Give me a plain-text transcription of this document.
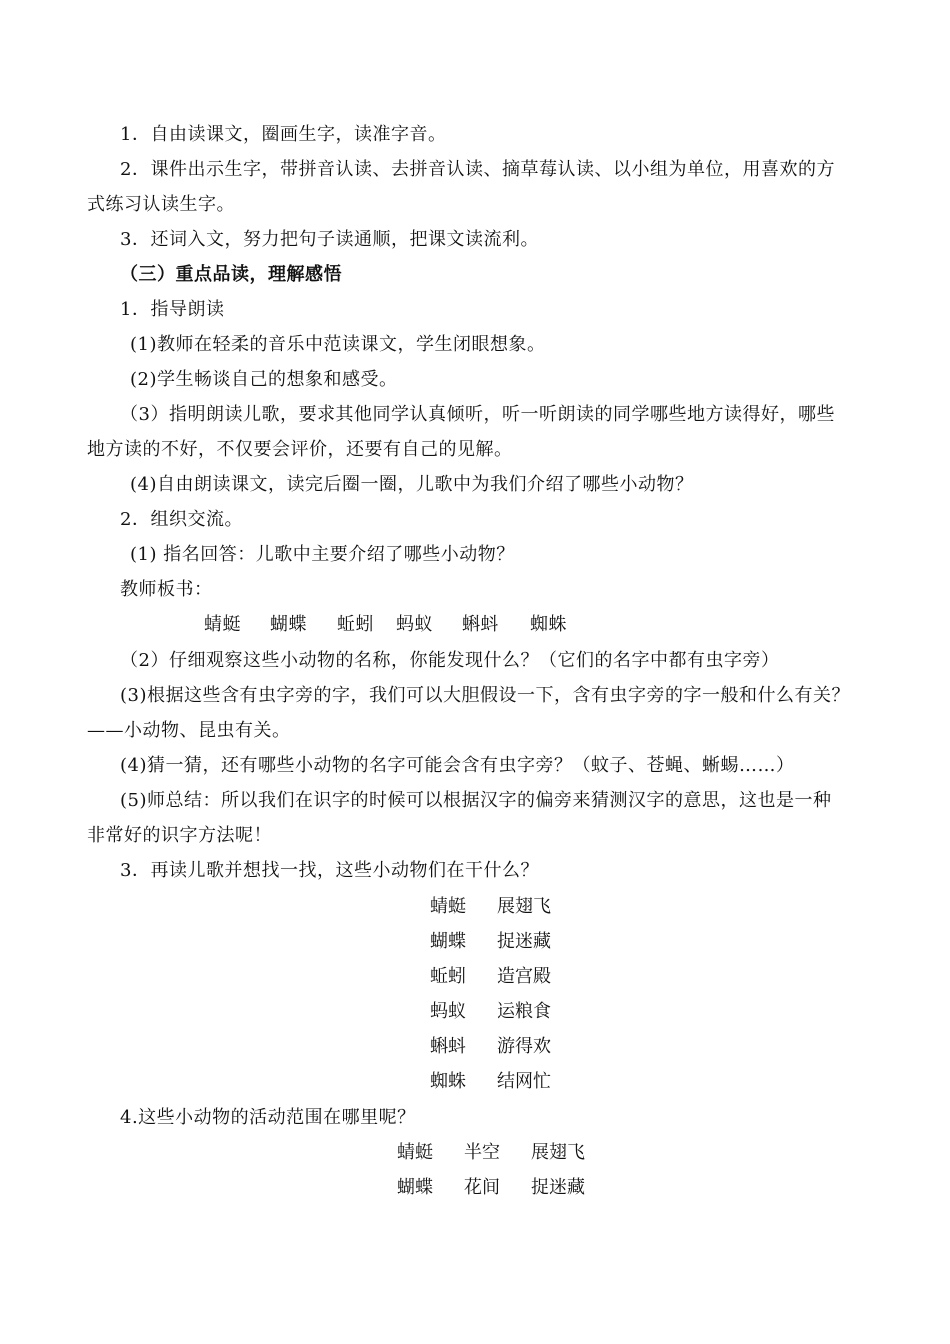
1．自由读课文，圈画生字，读准字音。
2．课件出示生字，带拼音认读、去拼音认读、摘草莓认读、以小组为单位，用喜欢的方
式练习认读生字。
3．还词入文，努力把句子读通顺，把课文读流利。
（三）重点品读，理解感悟
1．指导朗读
(1)教师在轻柔的音乐中范读课文，学生闭眼想象。
(2)学生畅谈自己的想象和感受。
（3）指明朗读儿歌，要求其他同学认真倾听，听一听朗读的同学哪些地方读得好，哪些
地方读的不好，不仅要会评价，还要有自己的见解。
(4)自由朗读课文，读完后圈一圈，儿歌中为我们介绍了哪些小动物？
2．组织交流。
(1) 指名回答：儿歌中主要介绍了哪些小动物？
教师板书：
蜻蜓 蝴蝶 蚯蚓 蚂蚁 蝌蚪 蜘蛛
（2）仔细观察这些小动物的名称，你能发现什么？（它们的名字中都有虫字旁）
(3)根据这些含有虫字旁的字，我们可以大胆假设一下，含有虫字旁的字一般和什么有关？
——小动物、昆虫有关。
(4)猜一猜，还有哪些小动物的名字可能会含有虫字旁？（蚊子、苍蝇、蜥蜴……）
(5)师总结：所以我们在识字的时候可以根据汉字的偏旁来猜测汉字的意思，这也是一种
非常好的识字方法呢！
3．再读儿歌并想找一找，这些小动物们在干什么？
蜻蜓 展翅飞
蝴蝶 捉迷藏
蚯蚓 造宫殿
蚂蚁 运粮食
蝌蚪 游得欢
蜘蛛 结网忙
4.这些小动物的活动范围在哪里呢？
蜻蜓 半空 展翅飞
蝴蝶 花间 捉迷藏
